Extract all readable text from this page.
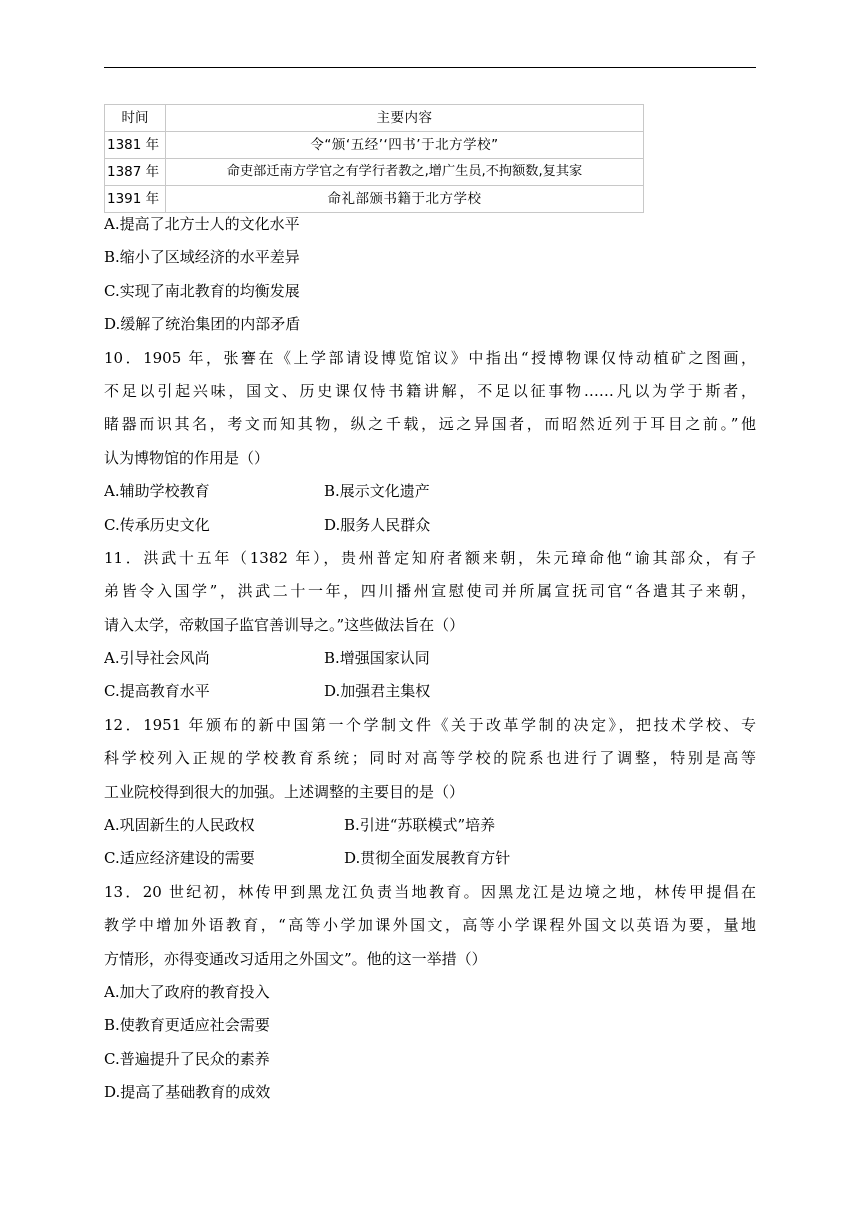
时间	主要内容
1381 年	令“颁‘五经’‘四书’于北方学校”
1387 年	命吏部迁南方学官之有学行者教之,增广生员,不拘额数,复其家
1391 年	命礼部颁书籍于北方学校
A.提高了北方士人的文化水平
B.缩小了区域经济的水平差异
C.实现了南北教育的均衡发展
D.缓解了统治集团的内部矛盾
10．1905 年，张謇在《上学部请设博览馆议》中指出“授博物课仅恃动植矿之图画，
不足以引起兴味，国文、历史课仅恃书籍讲解，不足以征事物……凡以为学于斯者，
睹器而识其名，考文而知其物，纵之千载，远之异国者，而昭然近列于耳目之前。”他
认为博物馆的作用是（）
A.辅助学校教育	B.展示文化遗产
C.传承历史文化	D.服务人民群众
11．洪武十五年（1382 年），贵州普定知府者额来朝，朱元璋命他“谕其部众，有子
弟皆令入国学”，洪武二十一年，四川播州宣慰使司并所属宣抚司官“各遣其子来朝，
请入太学，帝敕国子监官善训导之。”这些做法旨在（）
A.引导社会风尚	B.增强国家认同
C.提高教育水平	D.加强君主集权
12．1951 年颁布的新中国第一个学制文件《关于改革学制的决定》，把技术学校、专
科学校列入正规的学校教育系统；同时对高等学校的院系也进行了调整，特别是高等
工业院校得到很大的加强。上述调整的主要目的是（）
A.巩固新生的人民政权	B.引进“苏联模式”培养
C.适应经济建设的需要	D.贯彻全面发展教育方针
13．20 世纪初，林传甲到黑龙江负责当地教育。因黑龙江是边境之地，林传甲提倡在
教学中增加外语教育，“高等小学加课外国文，高等小学课程外国文以英语为要，量地
方情形，亦得变通改习适用之外国文”。他的这一举措（）
A.加大了政府的教育投入
B.使教育更适应社会需要
C.普遍提升了民众的素养
D.提高了基础教育的成效
